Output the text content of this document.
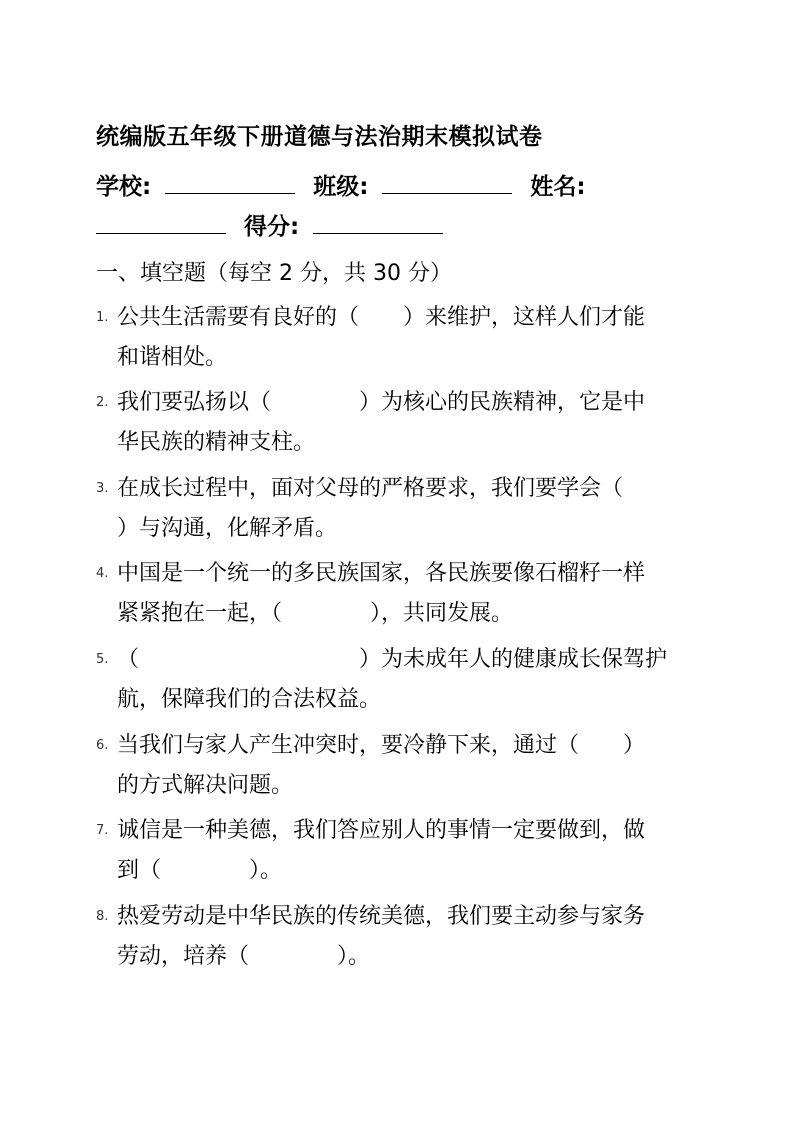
统编版五年级下册道德与法治期末模拟试卷
学校:	班级:	姓名:
得分:
一、填空题（每空 2 分，共 30 分）
1. 公共生活需要有良好的（　　）来维护，这样人们才能
和谐相处。
2. 我们要弘扬以（　　　　）为核心的民族精神，它是中
华民族的精神支柱。
3. 在成长过程中，面对父母的严格要求，我们要学会（
）与沟通，化解矛盾。
4. 中国是一个统一的多民族国家，各民族要像石榴籽一样
紧紧抱在一起，（　　　　），共同发展。
5. （　　　　　　　　　　）为未成年人的健康成长保驾护
航，保障我们的合法权益。
6. 当我们与家人产生冲突时，要冷静下来，通过（　　）
的方式解决问题。
7. 诚信是一种美德，我们答应别人的事情一定要做到，做
到（　　　　）。
8. 热爱劳动是中华民族的传统美德，我们要主动参与家务
劳动，培养（　　　　）。
